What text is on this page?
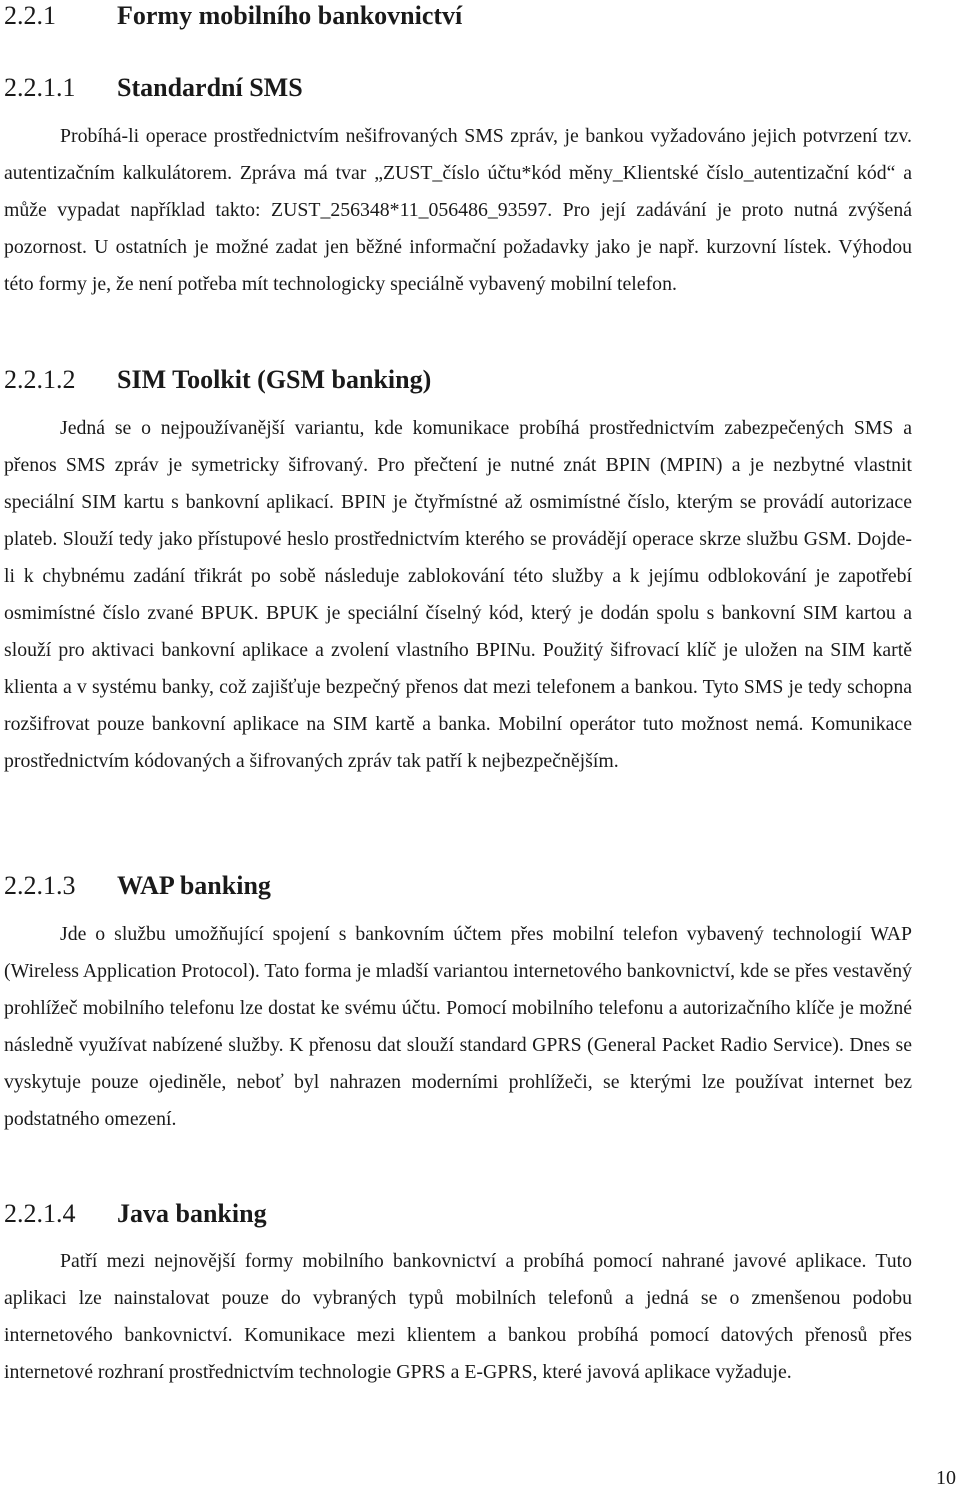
2.2.1	Formy mobilního bankovnictví
2.2.1.1	Standardní SMS

Probíhá-li operace prostřednictvím nešifrovaných SMS zpráv, je bankou vyžadováno jejich potvrzení tzv. autentizačním kalkulátorem. Zpráva má tvar „ZUST_číslo účtu*kód měny_Klientské číslo_autentizační kód“ a může vypadat například takto: ZUST_256348*11_056486_93597. Pro její zadávání je proto nutná zvýšená pozornost. U ostatních je možné zadat jen běžné informační požadavky jako je např. kurzovní lístek. Výhodou této formy je, že není potřeba mít technologicky speciálně vybavený mobilní telefon.

2.2.1.2	SIM Toolkit (GSM banking)

Jedná se o nejpoužívanější variantu, kde komunikace probíhá prostřednictvím zabezpečených SMS a přenos SMS zpráv je symetricky šifrovaný. Pro přečtení je nutné znát BPIN (MPIN) a je nezbytné vlastnit speciální SIM kartu s bankovní aplikací. BPIN je čtyřmístné až osmimístné číslo, kterým se provádí autorizace plateb. Slouží tedy jako přístupové heslo prostřednictvím kterého se provádějí operace skrze službu GSM. Dojde-li k chybnému zadání třikrát po sobě následuje zablokování této služby a k jejímu odblokování je zapotřebí osmimístné číslo zvané BPUK. BPUK je speciální číselný kód, který je dodán spolu s bankovní SIM kartou a slouží pro aktivaci bankovní aplikace a zvolení vlastního BPINu. Použitý šifrovací klíč je uložen na SIM kartě klienta a v systému banky, což zajišťuje bezpečný přenos dat mezi telefonem a bankou. Tyto SMS je tedy schopna rozšifrovat pouze bankovní aplikace na SIM kartě a banka. Mobilní operátor tuto možnost nemá. Komunikace prostřednictvím kódovaných a šifrovaných zpráv tak patří k nejbezpečnějším.

2.2.1.3	WAP banking

Jde o službu umožňující spojení s bankovním účtem přes mobilní telefon vybavený technologií WAP (Wireless Application Protocol). Tato forma je mladší variantou internetového bankovnictví, kde se přes vestavěný prohlížeč mobilního telefonu lze dostat ke svému účtu. Pomocí mobilního telefonu a autorizačního klíče je možné následně využívat nabízené služby. K přenosu dat slouží standard GPRS (General Packet Radio Service). Dnes se vyskytuje pouze ojediněle, neboť byl nahrazen moderními prohlížeči, se kterými lze používat internet bez podstatného omezení.

2.2.1.4	Java banking

Patří mezi nejnovější formy mobilního bankovnictví a probíhá pomocí nahrané javové aplikace. Tuto aplikaci lze nainstalovat pouze do vybraných typů mobilních telefonů a jedná se o zmenšenou podobu internetového bankovnictví. Komunikace mezi klientem a bankou probíhá pomocí datových přenosů přes internetové rozhraní prostřednictvím technologie GPRS a E-GPRS, které javová aplikace vyžaduje.

10
